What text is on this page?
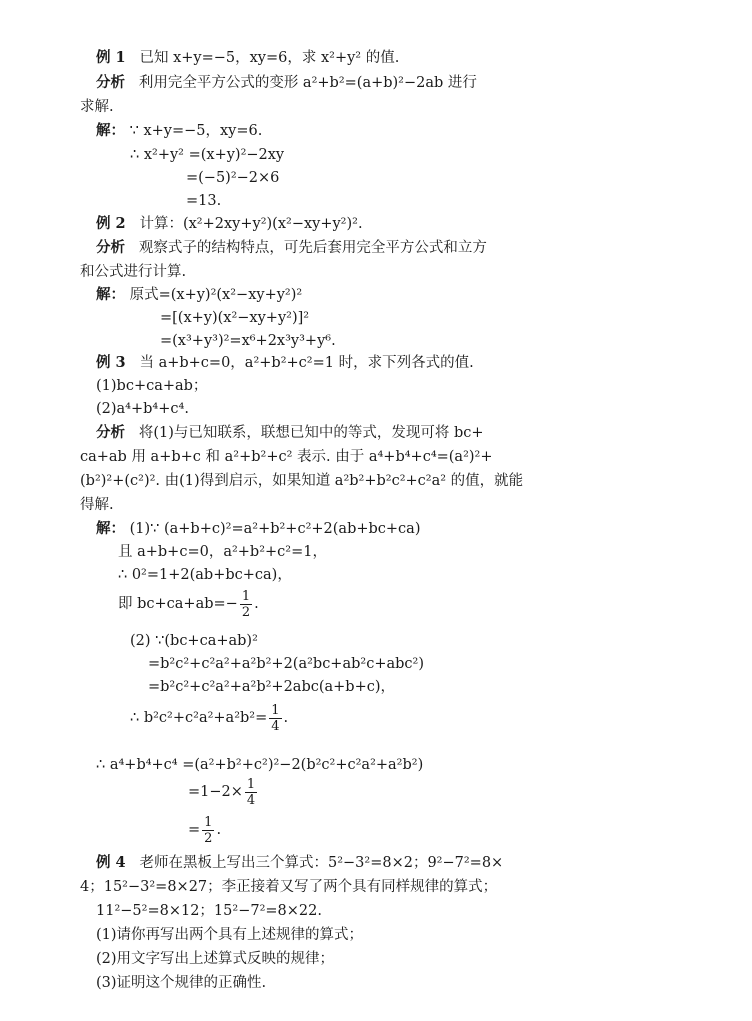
例 1 已知 x+y=−5，xy=6，求 x²+y² 的值.
分析 利用完全平方公式的变形 a²+b²=(a+b)²−2ab 进行
求解.
解： ∵ x+y=−5，xy=6.
∴ x²+y² =(x+y)²−2xy
=(−5)²−2×6
=13.
例 2 计算：(x²+2xy+y²)(x²−xy+y²)².
分析 观察式子的结构特点，可先后套用完全平方公式和立方
和公式进行计算.
解： 原式=(x+y)²(x²−xy+y²)²
=[(x+y)(x²−xy+y²)]²
=(x³+y³)²=x⁶+2x³y³+y⁶.
例 3 当 a+b+c=0，a²+b²+c²=1 时，求下列各式的值.
(1)bc+ca+ab；
(2)a⁴+b⁴+c⁴.
分析 将(1)与已知联系，联想已知中的等式，发现可将 bc+
ca+ab 用 a+b+c 和 a²+b²+c² 表示. 由于 a⁴+b⁴+c⁴=(a²)²+
(b²)²+(c²)². 由(1)得到启示，如果知道 a²b²+b²c²+c²a² 的值，就能
得解.
解： (1)∵ (a+b+c)²=a²+b²+c²+2(ab+bc+ca)
且 a+b+c=0，a²+b²+c²=1，
∴ 0²=1+2(ab+bc+ca)，
即 $bc+ca+ab=- \frac{1}{2}$ .
(2) ∵(bc+ca+ab)²
=b²c²+c²a²+a²b²+2(a²bc+ab²c+abc²)
=b²c²+c²a²+a²b²+2abc(a+b+c)，
∴ $b^2c^2+c^2a^2+a^2b^2= \frac{1}{4}$ .
∴ a⁴+b⁴+c⁴ =(a²+b²+c²)²−2(b²c²+c²a²+a²b²)
$=1-2\times \frac{1}{4}$
= $\frac{1}{2}$ .
例 4 老师在黑板上写出三个算式：5²−3²=8×2；9²−7²=8×
4；15²−3²=8×27；李正接着又写了两个具有同样规律的算式；
11²−5²=8×12；15²−7²=8×22.
(1)请你再写出两个具有上述规律的算式；
(2)用文字写出上述算式反映的规律；
(3)证明这个规律的正确性.
